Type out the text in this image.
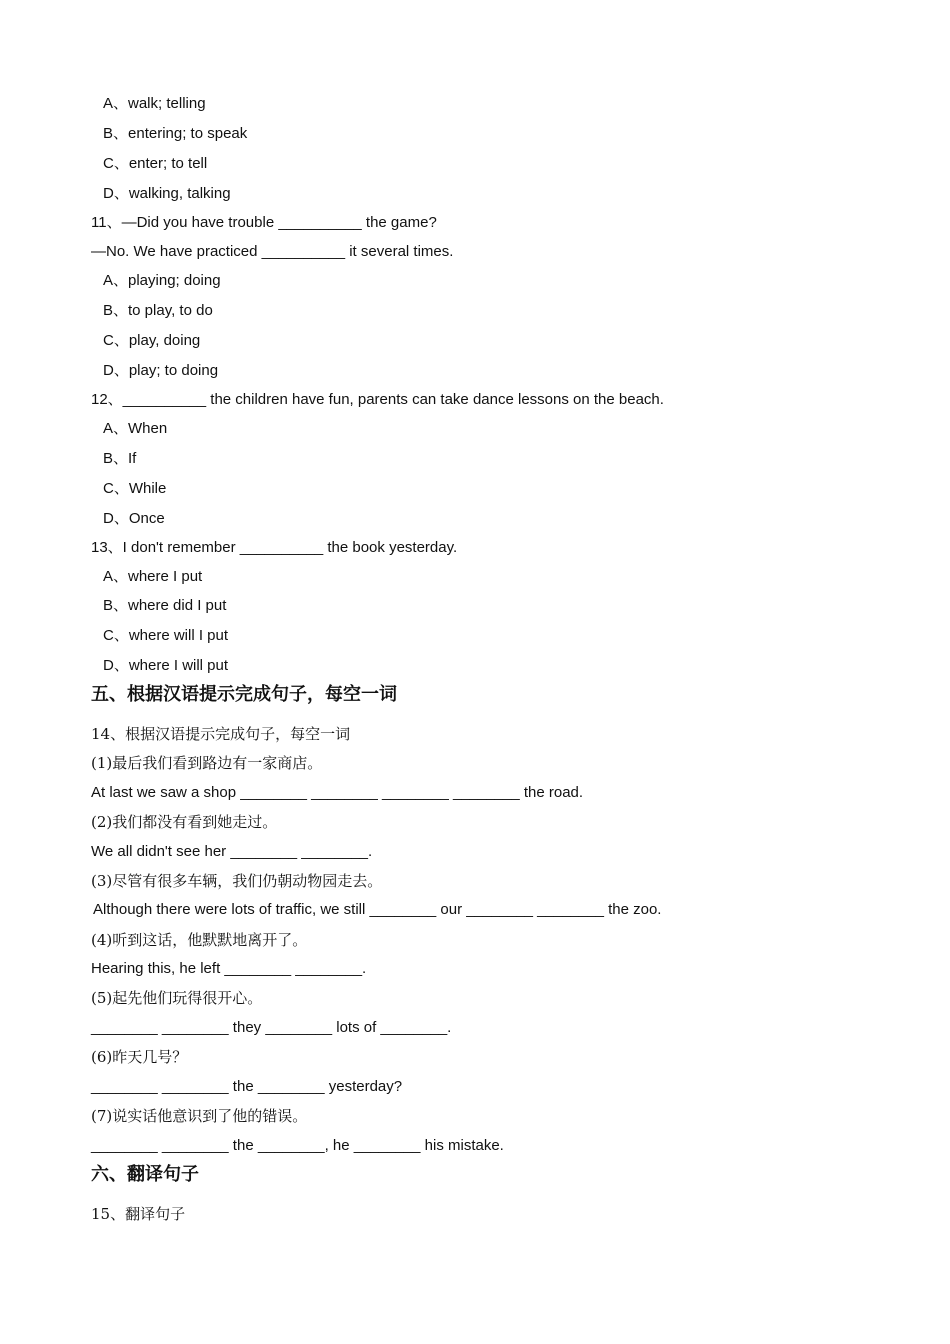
A、walk; telling
B、entering; to speak
C、enter; to tell
D、walking, talking
11、—Did you have trouble __________ the game?
—No. We have practiced __________ it several times.
A、playing; doing
B、to play, to do
C、play, doing
D、play; to doing
12、__________ the children have fun, parents can take dance lessons on the beach.
A、When
B、If
C、While
D、Once
13、I don't remember __________ the book yesterday.
A、where I put
B、where did I put
C、where will I put
D、where I will put
五、根据汉语提示完成句子，每空一词
14、根据汉语提示完成句子，每空一词
(1)最后我们看到路边有一家商店。
At last we saw a shop ________ ________ ________ ________ the road.
(2)我们都没有看到她走过。
We all didn't see her ________ ________.
(3)尽管有很多车辆，我们仍朝动物园走去。
Although there were lots of traffic, we still ________ our ________ ________ the zoo.
(4)听到这话，他默默地离开了。
Hearing this, he left ________ ________.
(5)起先他们玩得很开心。
________ ________ they ________ lots of ________.
(6)昨天几号？
________ ________ the ________ yesterday?
(7)说实话他意识到了他的错误。
________ ________ the ________, he ________ his mistake.
六、翻译句子
15、翻译句子
